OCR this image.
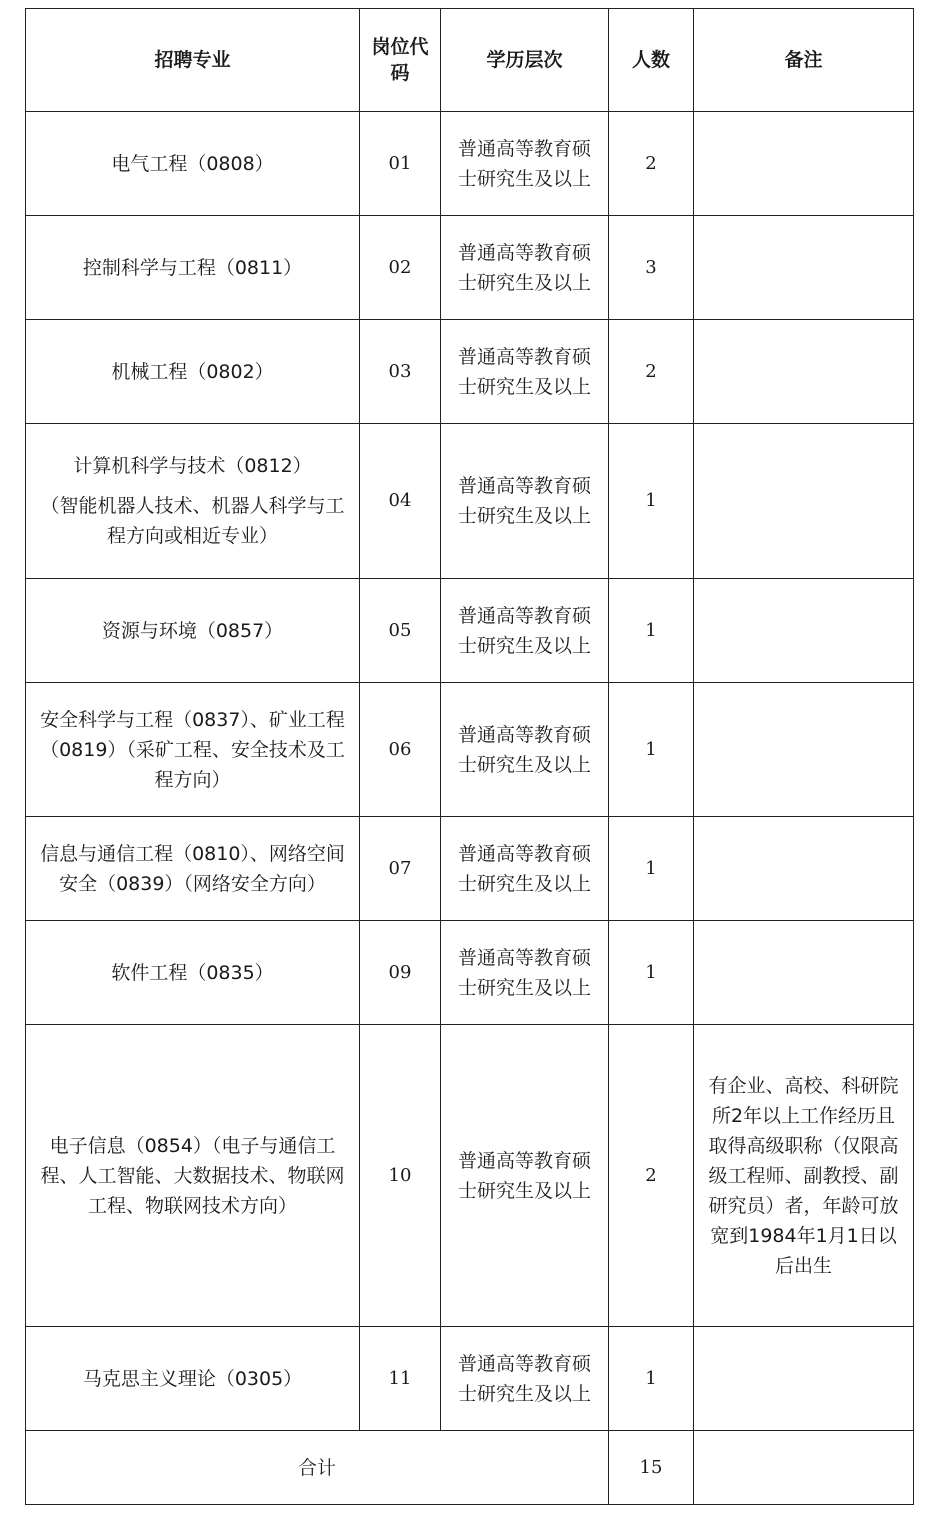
招聘专业	岗位代码	学历层次	人数	备注
电气工程（0808）	01	普通高等教育硕士研究生及以上	2	
控制科学与工程（0811）	02	普通高等教育硕士研究生及以上	3	
机械工程（0802）	03	普通高等教育硕士研究生及以上	2	

计算机科学与技术（0812）
（智能机器人技术、机器人科学与工程方向或相近专业）	04	普通高等教育硕士研究生及以上	1	
资源与环境（0857）	05	普通高等教育硕士研究生及以上	1	
安全科学与工程（0837）、矿业工程（0819）（采矿工程、安全技术及工程方向）	06	普通高等教育硕士研究生及以上	1	
信息与通信工程（0810）、网络空间安全（0839）（网络安全方向）	07	普通高等教育硕士研究生及以上	1	
软件工程（0835）	09	普通高等教育硕士研究生及以上	1	
电子信息（0854）（电子与通信工程、人工智能、大数据技术、物联网工程、物联网技术方向）	10	普通高等教育硕士研究生及以上	2	有企业、高校、科研院所2年以上工作经历且取得高级职称（仅限高级工程师、副教授、副研究员）者，年龄可放宽到1984年1月1日以后出生
马克思主义理论（0305）	11	普通高等教育硕士研究生及以上	1	
合计			15	
